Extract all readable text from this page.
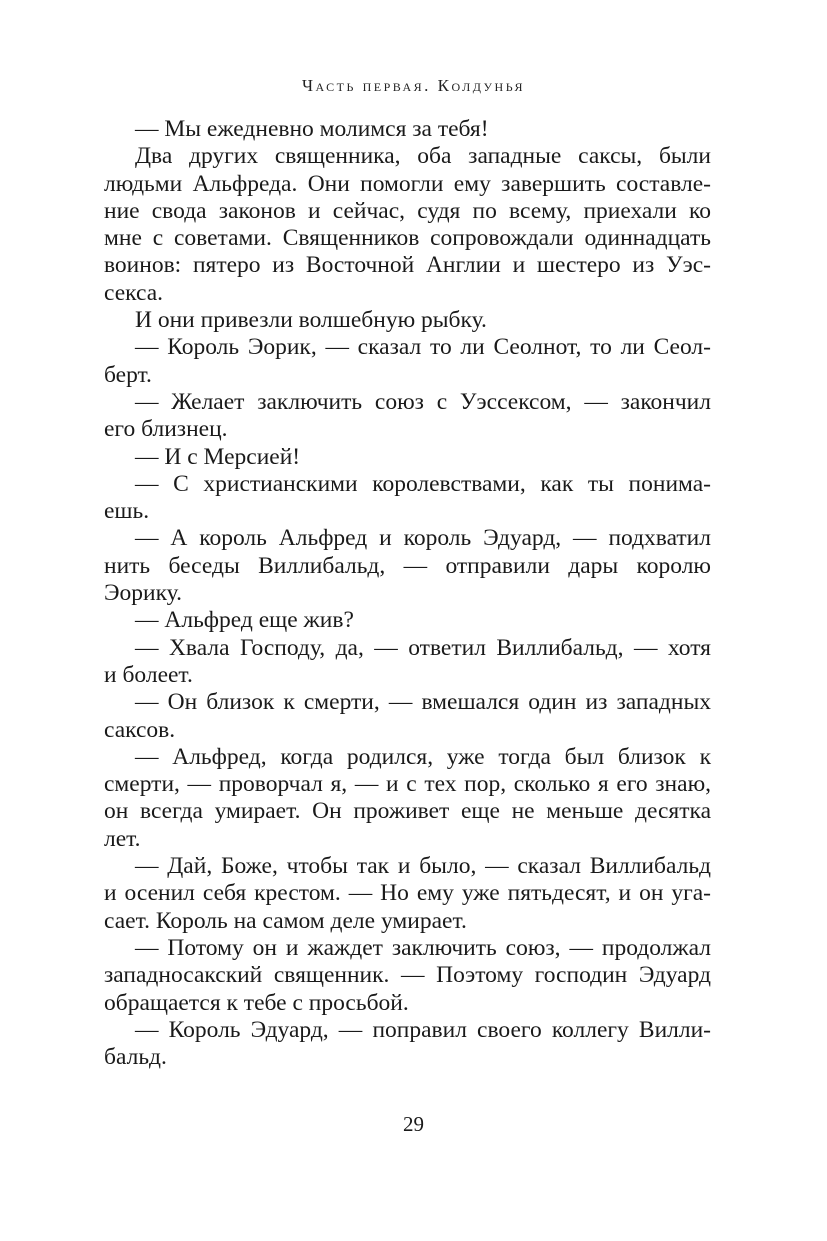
Часть первая. Колдунья
— Мы ежедневно молимся за тебя!
Два других священника, оба западные саксы, были
людьми Альфреда. Они помогли ему завершить составле-
ние свода законов и сейчас, судя по всему, приехали ко
мне с советами. Священников сопровождали одиннадцать
воинов: пятеро из Восточной Англии и шестеро из Уэс-
секса.
И они привезли волшебную рыбку.
— Король Эорик, — сказал то ли Сеолнот, то ли Сеол-
берт.
— Желает заключить союз с Уэссексом, — закончил
его близнец.
— И с Мерсией!
— С христианскими королевствами, как ты понима-
ешь.
— А король Альфред и король Эдуард, — подхватил
нить беседы Виллибальд, — отправили дары королю
Эорику.
— Альфред еще жив?
— Хвала Господу, да, — ответил Виллибальд, — хотя
и болеет.
— Он близок к смерти, — вмешался один из западных
саксов.
— Альфред, когда родился, уже тогда был близок к
смерти, — проворчал я, — и с тех пор, сколько я его знаю,
он всегда умирает. Он проживет еще не меньше десятка
лет.
— Дай, Боже, чтобы так и было, — сказал Виллибальд
и осенил себя крестом. — Но ему уже пятьдесят, и он уга-
сает. Король на самом деле умирает.
— Потому он и жаждет заключить союз, — продолжал
западносакский священник. — Поэтому господин Эдуард
обращается к тебе с просьбой.
— Король Эдуард, — поправил своего коллегу Вилли-
бальд.
29
